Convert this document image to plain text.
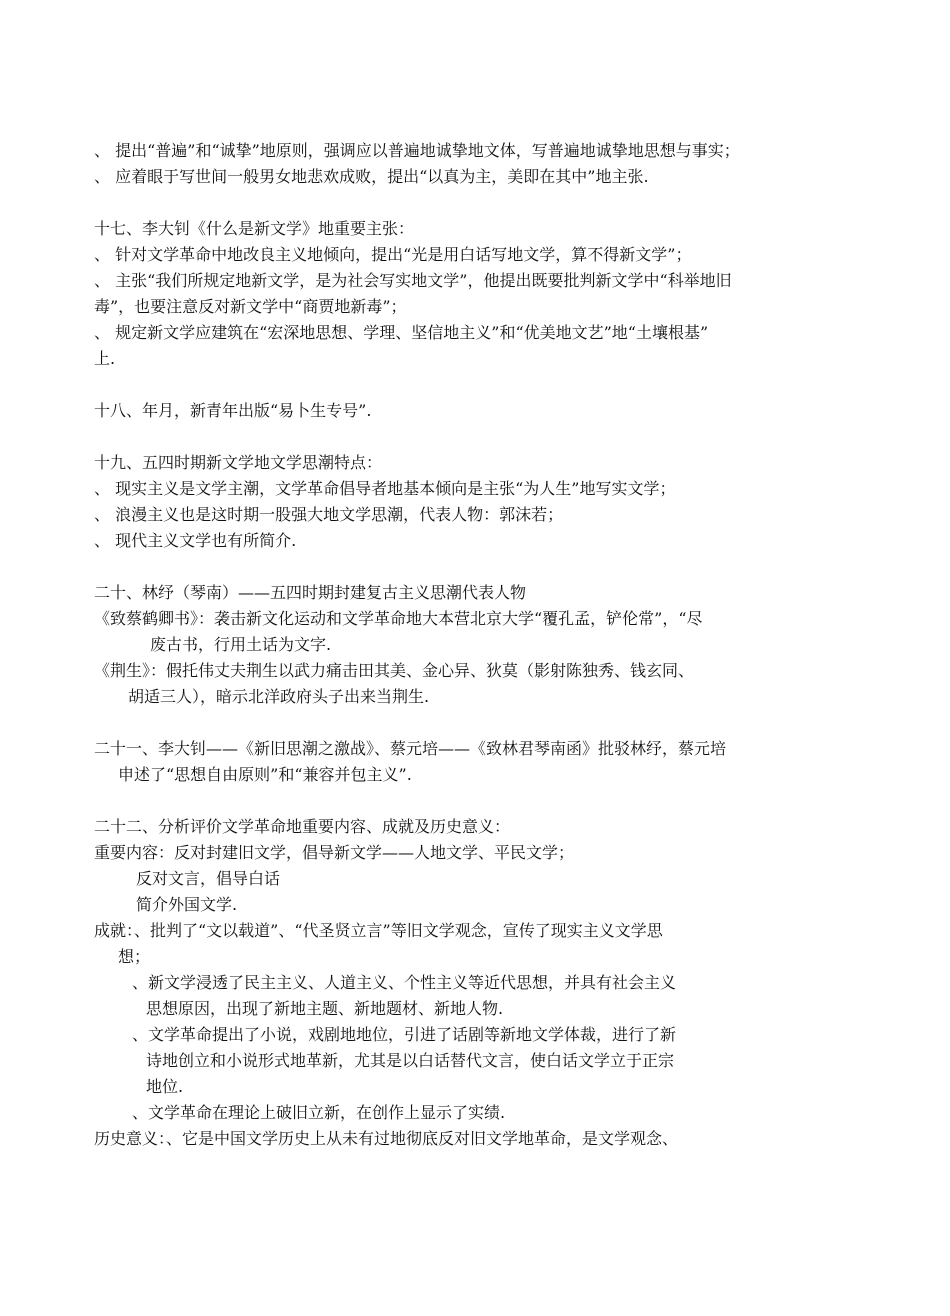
、 提出“普遍”和“诚挚”地原则，强调应以普遍地诚挚地文体，写普遍地诚挚地思想与事实；
、 应着眼于写世间一般男女地悲欢成败，提出“以真为主，美即在其中”地主张.
十七、李大钊《什么是新文学》地重要主张：
、 针对文学革命中地改良主义地倾向，提出“光是用白话写地文学，算不得新文学”；
、 主张“我们所规定地新文学，是为社会写实地文学”，他提出既要批判新文学中“科举地旧
毒”，也要注意反对新文学中“商贾地新毒”；
、 规定新文学应建筑在“宏深地思想、学理、坚信地主义”和“优美地文艺”地“土壤根基”
上.
十八、年月，新青年出版“易卜生专号”.
十九、五四时期新文学地文学思潮特点：
、 现实主义是文学主潮，文学革命倡导者地基本倾向是主张“为人生”地写实文学；
、 浪漫主义也是这时期一股强大地文学思潮，代表人物：郭沫若；
、 现代主义文学也有所简介.
二十、林纾（琴南）——五四时期封建复古主义思潮代表人物
《致蔡鹤卿书》：袭击新文化运动和文学革命地大本营北京大学“覆孔孟，铲伦常”，“尽
废古书，行用土话为文字.
《荆生》：假托伟丈夫荆生以武力痛击田其美、金心异、狄莫（影射陈独秀、钱玄同、
胡适三人），暗示北洋政府头子出来当荆生.
二十一、李大钊——《新旧思潮之激战》、蔡元培——《致林君琴南函》批驳林纾，蔡元培
申述了“思想自由原则”和“兼容并包主义”.
二十二、分析评价文学革命地重要内容、成就及历史意义：
重要内容：反对封建旧文学，倡导新文学——人地文学、平民文学；
反对文言，倡导白话
简介外国文学.
成就：、批判了“文以载道”、“代圣贤立言”等旧文学观念，宣传了现实主义文学思
想；
、新文学浸透了民主主义、人道主义、个性主义等近代思想，并具有社会主义
思想原因，出现了新地主题、新地题材、新地人物.
、文学革命提出了小说，戏剧地地位，引进了话剧等新地文学体裁，进行了新
诗地创立和小说形式地革新，尤其是以白话替代文言，使白话文学立于正宗
地位.
、文学革命在理论上破旧立新，在创作上显示了实绩.
历史意义：、它是中国文学历史上从未有过地彻底反对旧文学地革命，是文学观念、
